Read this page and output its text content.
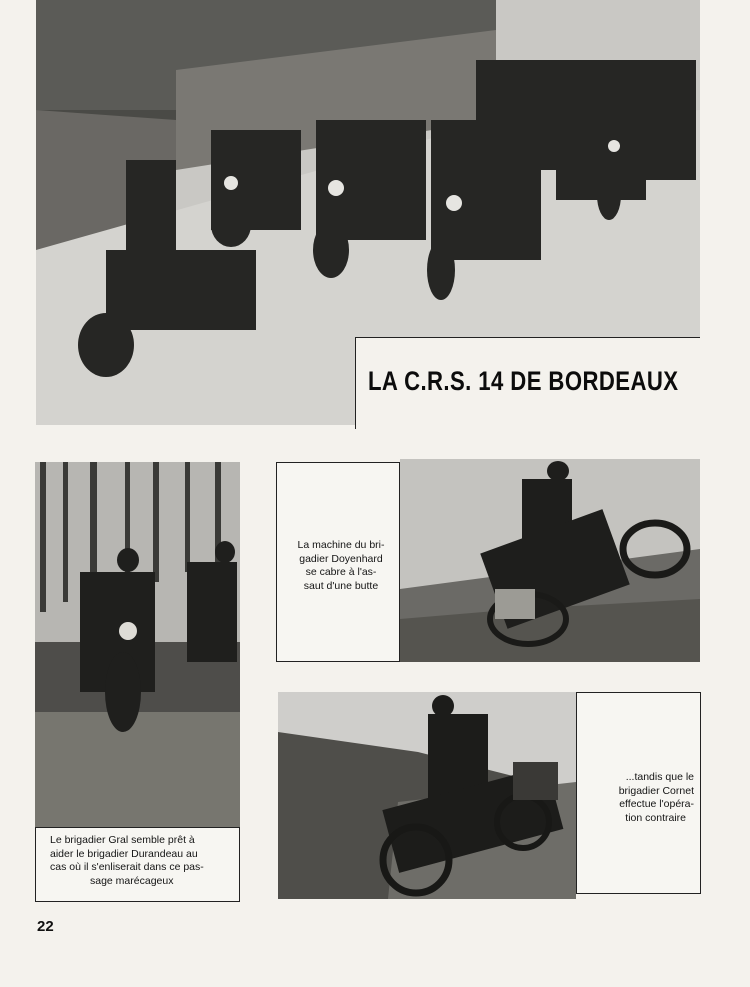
LA C.R.S. 14 DE BORDEAUX
Le brigadier Gral semble prêt à
aider le brigadier Durandeau au
cas où il s'enliserait dans ce pas-
sage marécageux
La machine du bri-
gadier Doyenhard
se cabre à l'as-
saut d'une butte
...tandis que le
brigadier Cornet
effectue l'opéra-
tion contraire
22
